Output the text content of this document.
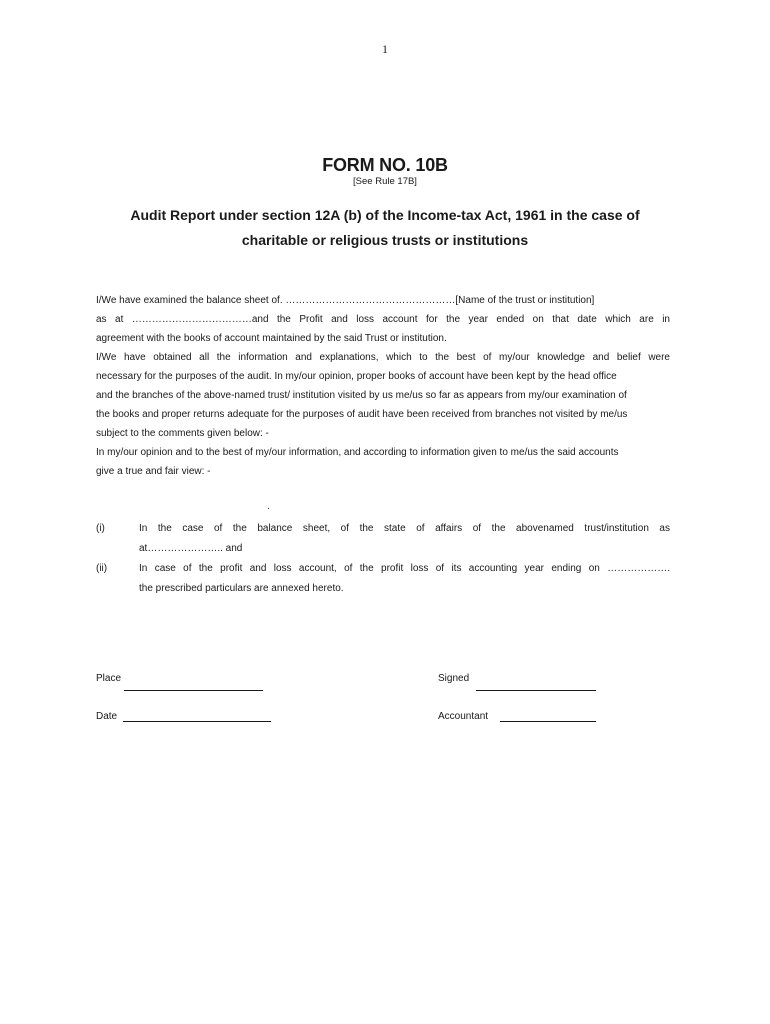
1
FORM NO. 10B
[See Rule 17B]
Audit Report under section 12A (b) of the Income-tax Act, 1961 in the case of
charitable or religious trusts or institutions
I/We have examined the balance sheet of. ……………………………………………[Name of the trust or institution]
as at ………………………………and the Profit and loss account for the year ended on that date which are in
agreement with the books of account maintained by the said Trust or institution.
I/We have obtained all the information and explanations, which to the best of my/our knowledge and belief were
necessary for the purposes of the audit. In my/our opinion, proper books of account have been kept by the head office
and the branches of the above-named trust/ institution visited by us me/us so far as appears from my/our examination of
the books and proper returns adequate for the purposes of audit have been received from branches not visited by me/us
subject to the comments given below: -
In my/our opinion and to the best of my/our information, and according to information given to me/us the said accounts
give a true and fair view: -
.
(i)	In the case of the balance sheet, of the state of affairs of the abovenamed trust/institution as
at………………….. and
(ii)	In case of the profit and loss account, of the profit loss of its accounting year ending on ……………….
the prescribed particulars are annexed hereto.
Place
Date
Signed
Accountant
